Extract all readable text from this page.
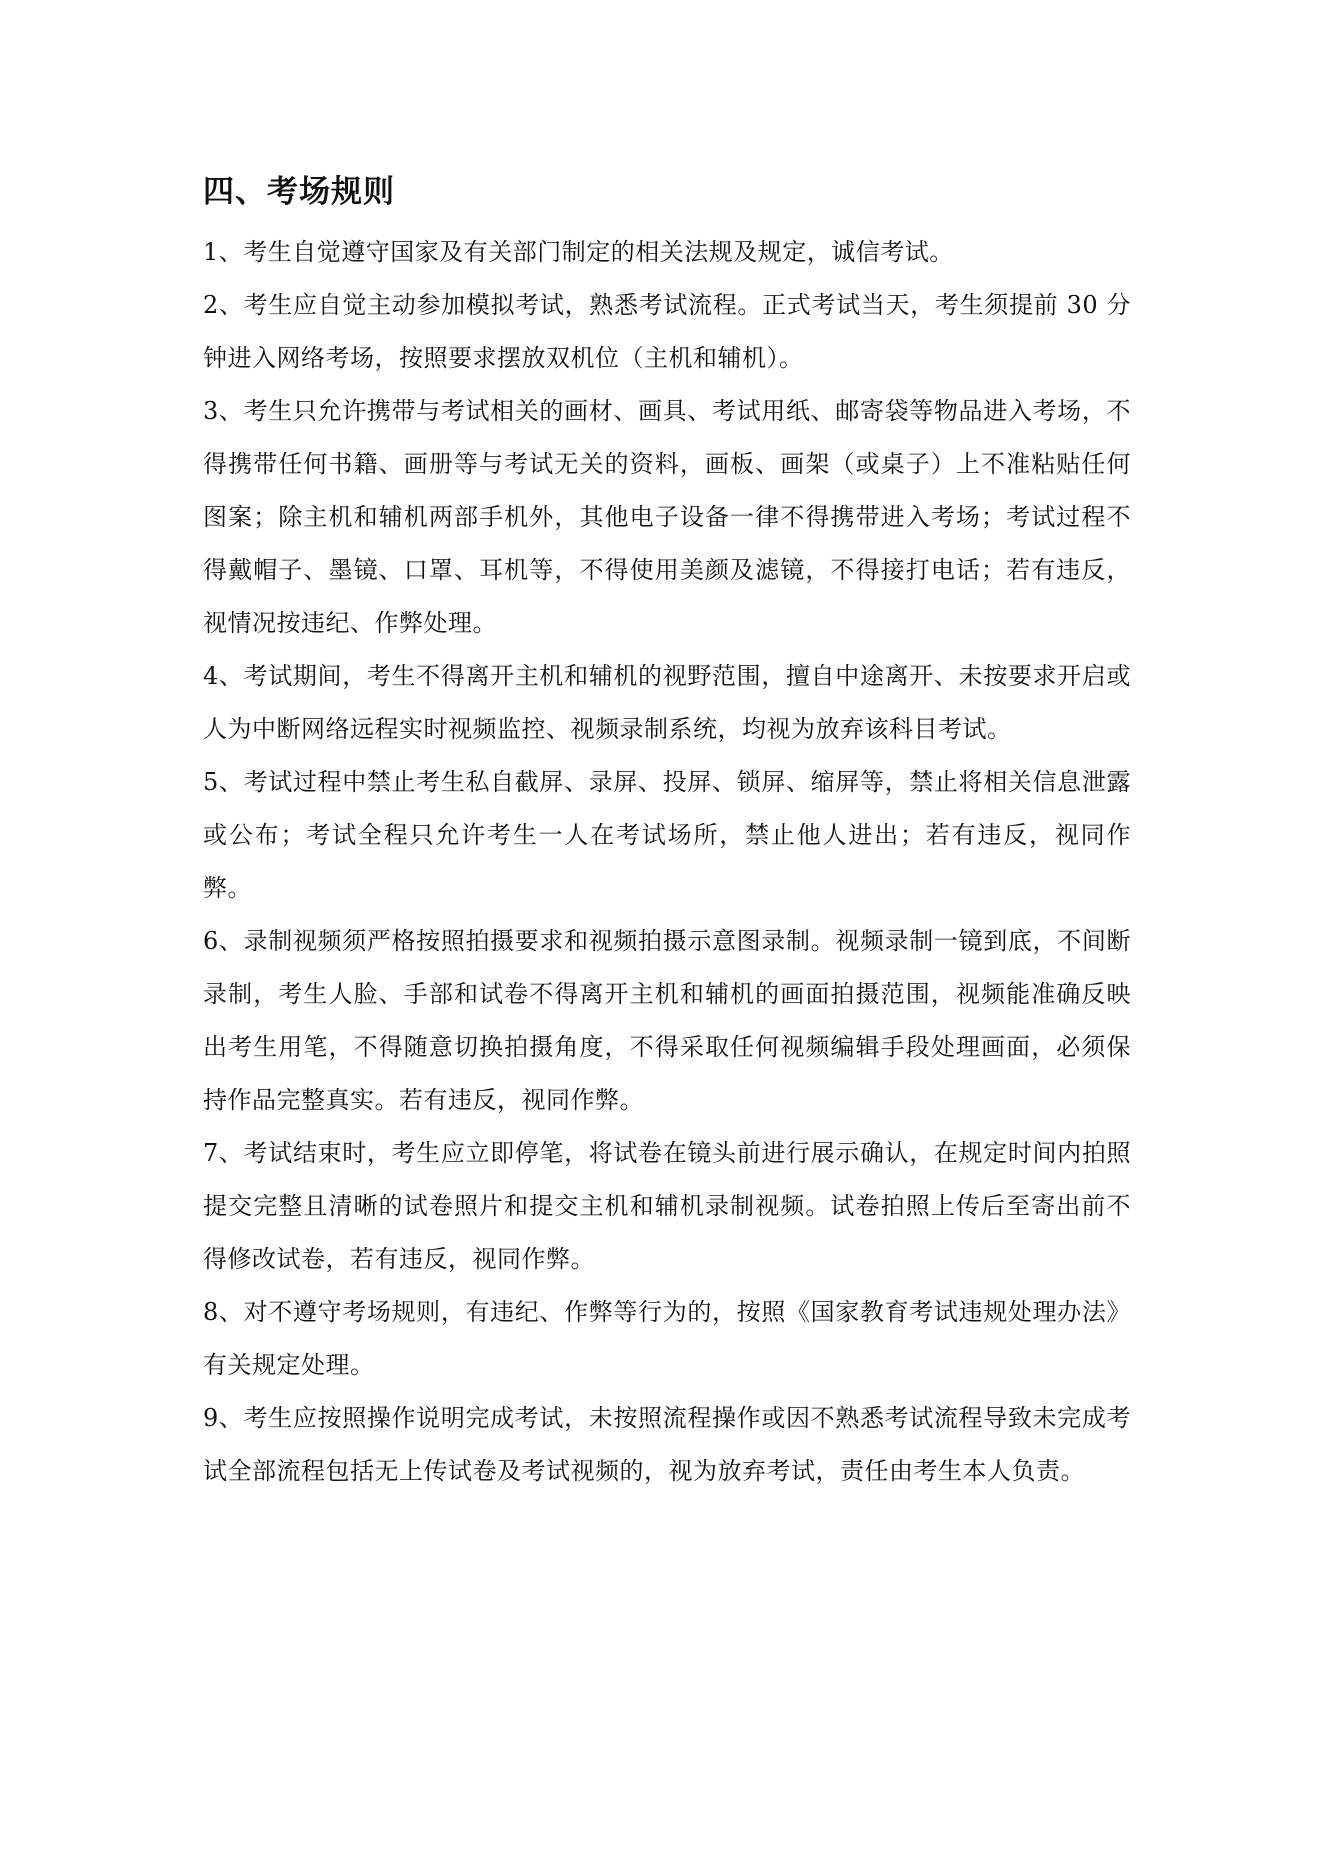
四、考场规则
1、考生自觉遵守国家及有关部门制定的相关法规及规定，诚信考试。
2、考生应自觉主动参加模拟考试，熟悉考试流程。正式考试当天，考生须提前 30 分钟进入网络考场，按照要求摆放双机位（主机和辅机）。
3、考生只允许携带与考试相关的画材、画具、考试用纸、邮寄袋等物品进入考场，不得携带任何书籍、画册等与考试无关的资料，画板、画架（或桌子）上不准粘贴任何图案；除主机和辅机两部手机外，其他电子设备一律不得携带进入考场；考试过程不得戴帽子、墨镜、口罩、耳机等，不得使用美颜及滤镜，不得接打电话；若有违反，视情况按违纪、作弊处理。
4、考试期间，考生不得离开主机和辅机的视野范围，擅自中途离开、未按要求开启或人为中断网络远程实时视频监控、视频录制系统，均视为放弃该科目考试。
5、考试过程中禁止考生私自截屏、录屏、投屏、锁屏、缩屏等，禁止将相关信息泄露或公布；考试全程只允许考生一人在考试场所，禁止他人进出；若有违反，视同作弊。
6、录制视频须严格按照拍摄要求和视频拍摄示意图录制。视频录制一镜到底，不间断录制，考生人脸、手部和试卷不得离开主机和辅机的画面拍摄范围，视频能准确反映出考生用笔，不得随意切换拍摄角度，不得采取任何视频编辑手段处理画面，必须保持作品完整真实。若有违反，视同作弊。
7、考试结束时，考生应立即停笔，将试卷在镜头前进行展示确认，在规定时间内拍照提交完整且清晰的试卷照片和提交主机和辅机录制视频。试卷拍照上传后至寄出前不得修改试卷，若有违反，视同作弊。
8、对不遵守考场规则，有违纪、作弊等行为的，按照《国家教育考试违规处理办法》有关规定处理。
9、考生应按照操作说明完成考试，未按照流程操作或因不熟悉考试流程导致未完成考试全部流程包括无上传试卷及考试视频的，视为放弃考试，责任由考生本人负责。
